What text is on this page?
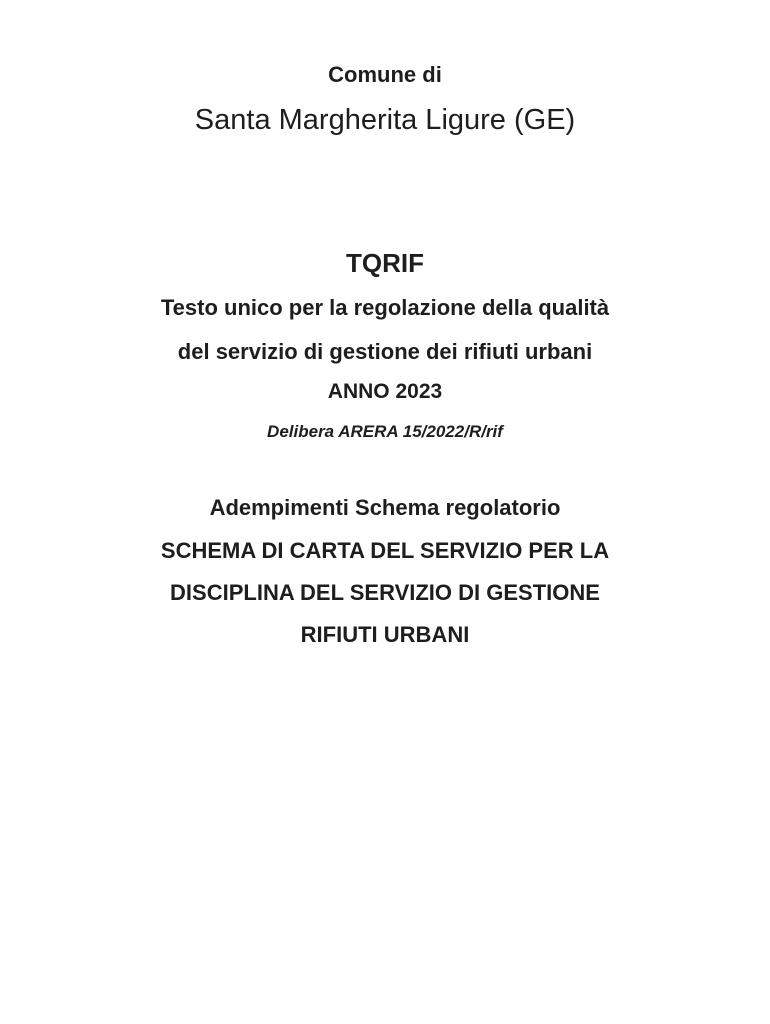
Comune di
Santa Margherita Ligure (GE)
TQRIF
Testo unico per la regolazione della qualità
del servizio di gestione dei rifiuti urbani
ANNO 2023
Delibera ARERA 15/2022/R/rif
Adempimenti Schema regolatorio
SCHEMA DI CARTA DEL SERVIZIO PER LA
DISCIPLINA DEL SERVIZIO DI GESTIONE
RIFIUTI URBANI
